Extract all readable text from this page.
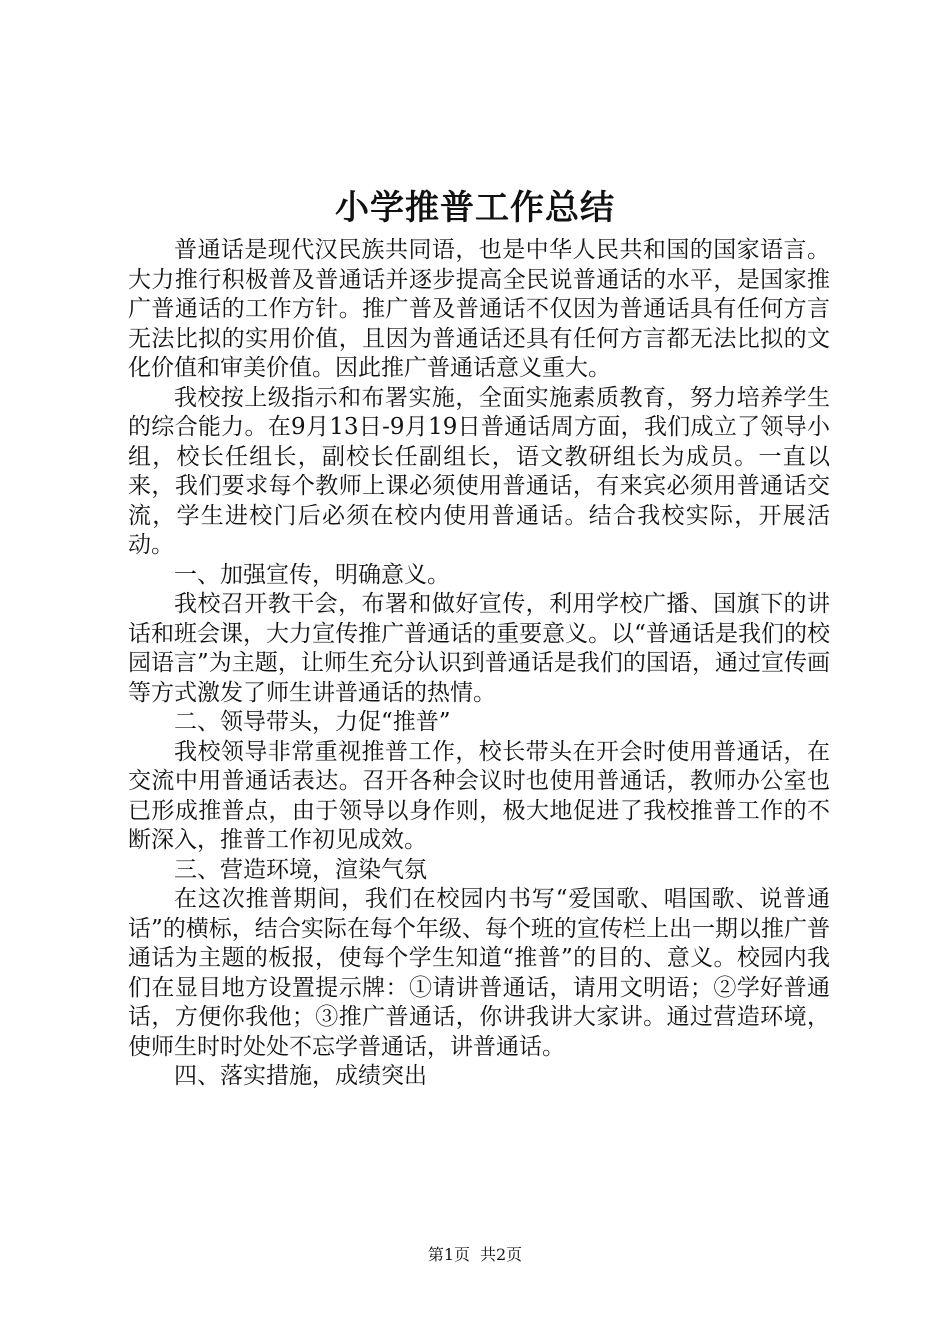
小学推普工作总结

普通话是现代汉民族共同语，也是中华人民共和国的国家语言。大力推行积极普及普通话并逐步提高全民说普通话的水平，是国家推广普通话的工作方针。推广普及普通话不仅因为普通话具有任何方言无法比拟的实用价值，且因为普通话还具有任何方言都无法比拟的文化价值和审美价值。因此推广普通话意义重大。

我校按上级指示和布署实施，全面实施素质教育，努力培养学生的综合能力。在9月13日-9月19日普通话周方面，我们成立了领导小组，校长任组长，副校长任副组长，语文教研组长为成员。一直以来，我们要求每个教师上课必须使用普通话，有来宾必须用普通话交流，学生进校门后必须在校内使用普通话。结合我校实际，开展活动。

一、加强宣传，明确意义。

我校召开教干会，布署和做好宣传，利用学校广播、国旗下的讲话和班会课，大力宣传推广普通话的重要意义。以“普通话是我们的校园语言”为主题，让师生充分认识到普通话是我们的国语，通过宣传画等方式激发了师生讲普通话的热情。

二、领导带头，力促“推普”

我校领导非常重视推普工作，校长带头在开会时使用普通话，在交流中用普通话表达。召开各种会议时也使用普通话，教师办公室也已形成推普点，由于领导以身作则，极大地促进了我校推普工作的不断深入，推普工作初见成效。

三、营造环境，渲染气氛

在这次推普期间，我们在校园内书写“爱国歌、唱国歌、说普通话”的横标，结合实际在每个年级、每个班的宣传栏上出一期以推广普通话为主题的板报，使每个学生知道“推普”的目的、意义。校园内我们在显目地方设置提示牌：①请讲普通话，请用文明语；②学好普通话，方便你我他；③推广普通话，你讲我讲大家讲。通过营造环境，使师生时时处处不忘学普通话，讲普通话。

四、落实措施，成绩突出

第1页 共2页
